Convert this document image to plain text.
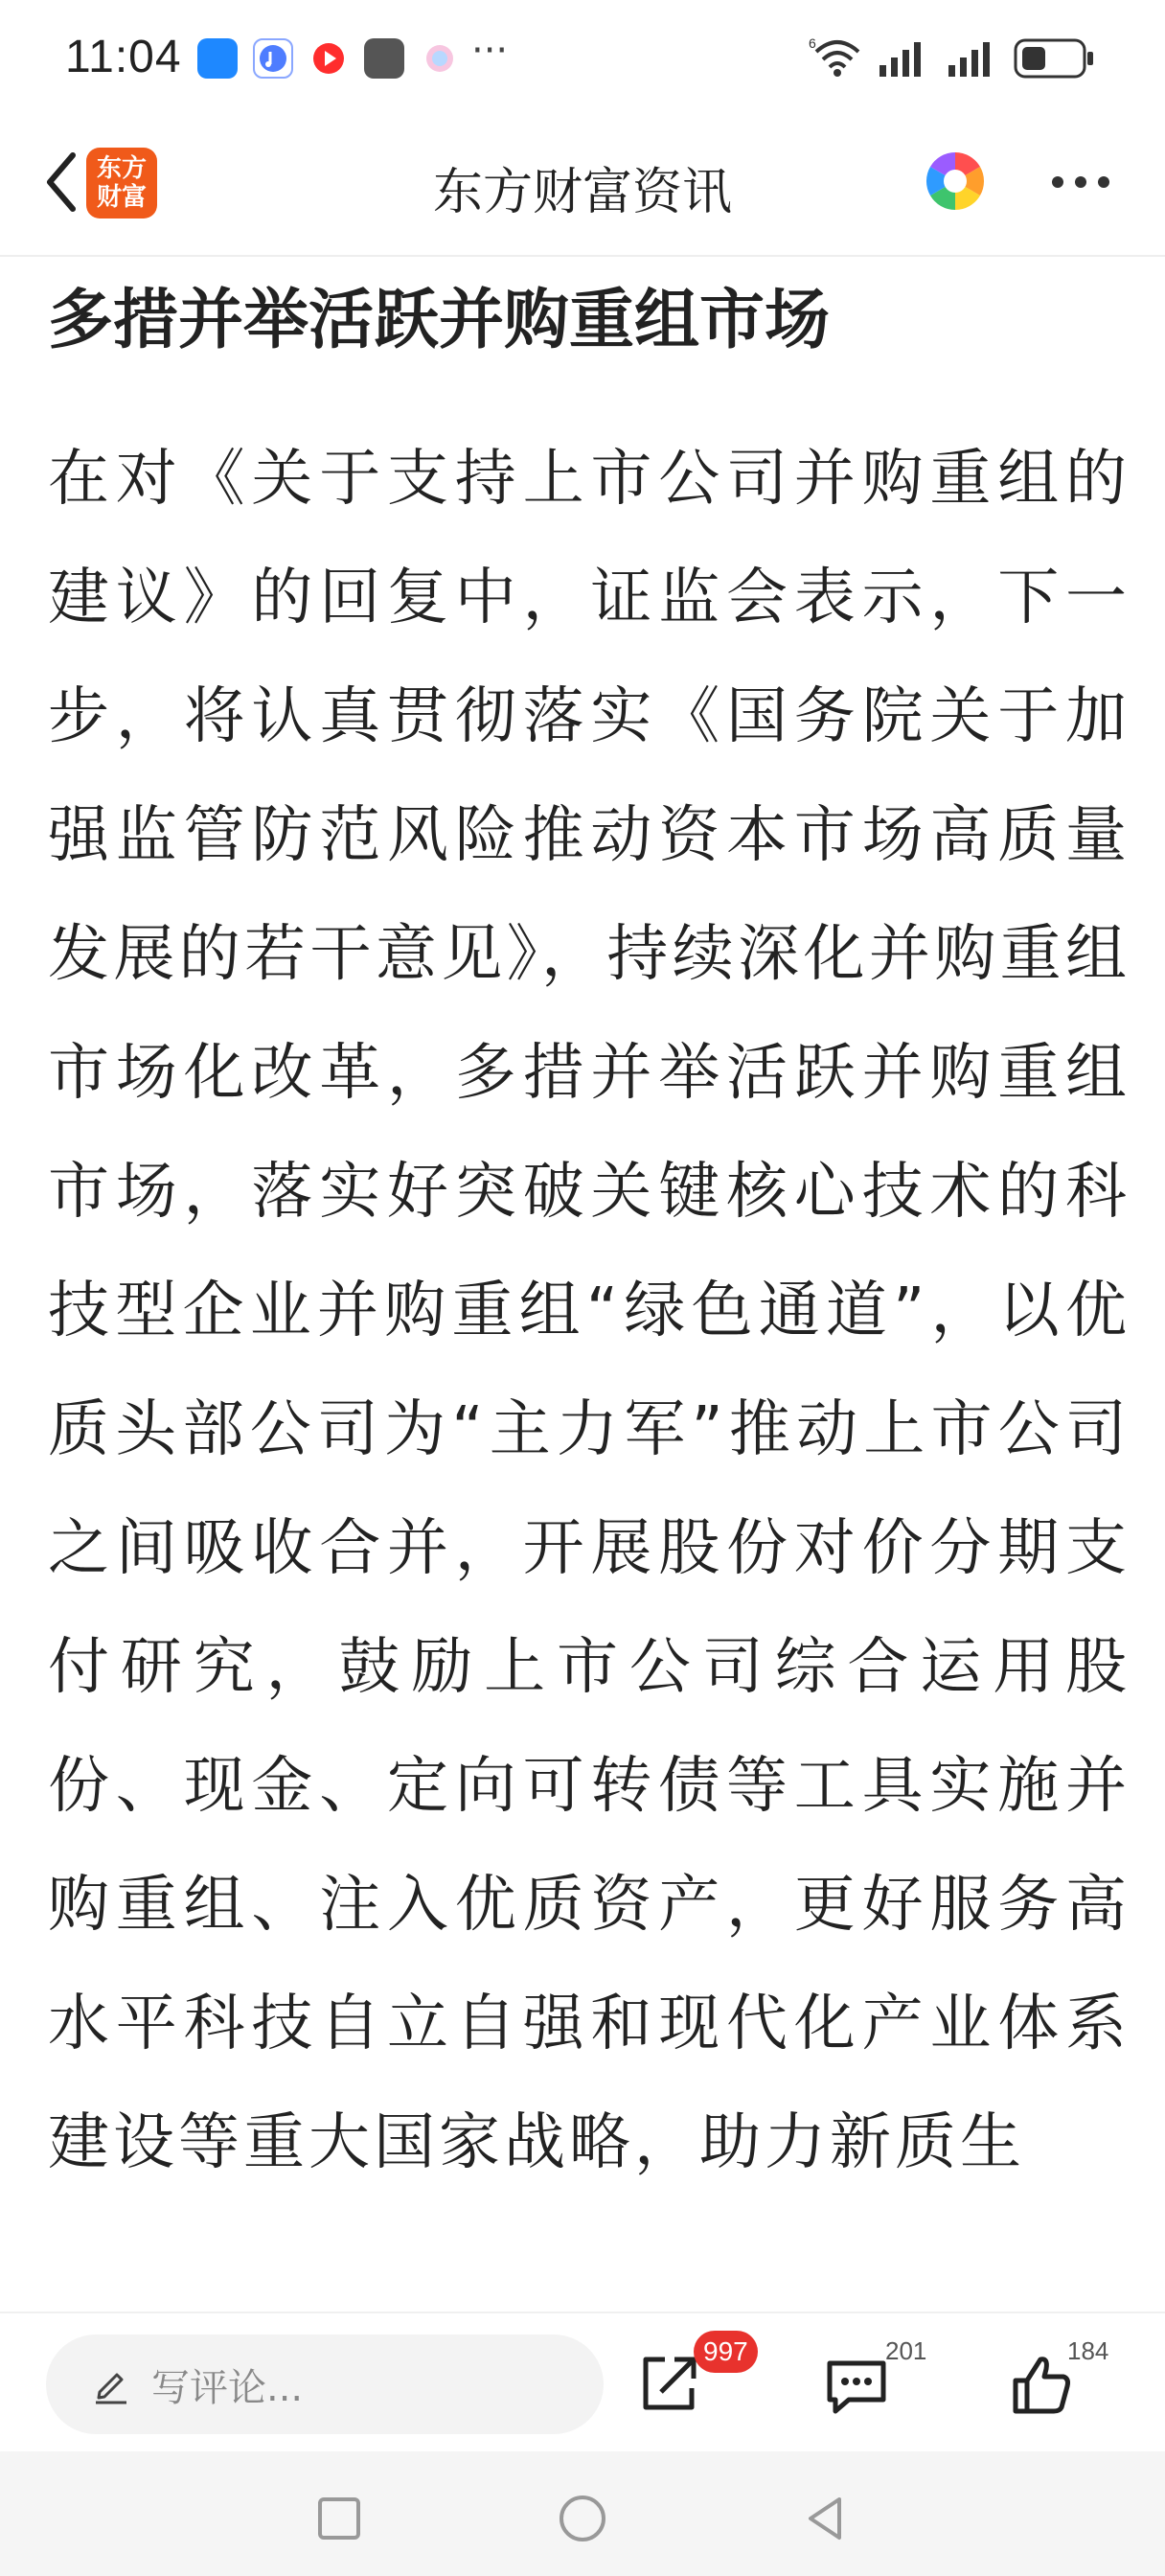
11:04	···	6
东方
财富	东方财富资讯
多措并举活跃并购重组市场
在对《关于支持上市公司并购重组的建议》的回复中，证监会表示，下一步，将认真贯彻落实《国务院关于加强监管防范风险推动资本市场高质量发展的若干意见》，持续深化并购重组市场化改革，多措并举活跃并购重组市场，落实好突破关键核心技术的科技型企业并购重组“绿色通道”，以优质头部公司为“主力军”推动上市公司之间吸收合并，开展股份对价分期支付研究，鼓励上市公司综合运用股份、现金、定向可转债等工具实施并购重组、注入优质资产，更好服务高水平科技自立自强和现代化产业体系建设等重大国家战略，助力新质生
写评论...
997	201	184
